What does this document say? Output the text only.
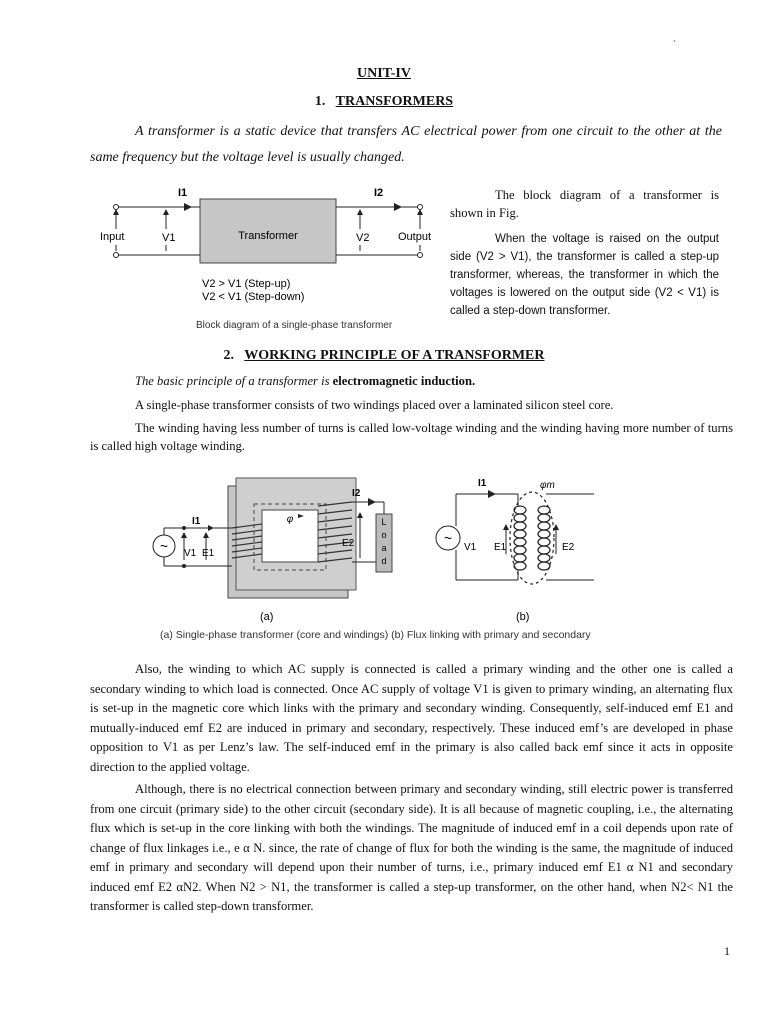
`
UNIT-IV
1. TRANSFORMERS

A transformer is a static device that transfers AC electrical power from one circuit to the other at the same frequency but the voltage level is usually changed.

Transformer
I1
Input	V1
I2
V2	Output
V2 > V1 (Step-up)
V2 < V1 (Step-down)
Block diagram of a single-phase transformer

The block diagram of a transformer is shown in Fig.

When the voltage is raised on the output side (V2 > V1), the transformer is called a step-up transformer, whereas, the transformer in which the voltages is lowered on the output side (V2 < V1) is called a step-down transformer.

2. WORKING PRINCIPLE OF A TRANSFORMER

The basic principle of a transformer is electromagnetic induction.

A single-phase transformer consists of two windings placed over a laminated silicon steel core.

The winding having less number of turns is called low-voltage winding and the winding having more number of turns is called high voltage winding.

φ
~ V1 E1
I1
I2
L
o
a
d
E2
(a)
~
V1
I1
E1
φm
E2
(b)
(a) Single-phase transformer (core and windings) (b) Flux linking with primary and secondary

Also, the winding to which AC supply is connected is called a primary winding and the other one is called a secondary winding to which load is connected. Once AC supply of voltage V1 is given to primary winding, an alternating flux is set-up in the magnetic core which links with the primary and secondary winding. Consequently, self-induced emf E1 and mutually-induced emf E2 are induced in primary and secondary, respectively. These induced emf’s are developed in phase opposition to V1 as per Lenz’s law. The self-induced emf in the primary is also called back emf since it acts in opposite direction to the applied voltage.

Although, there is no electrical connection between primary and secondary winding, still electric power is transferred from one circuit (primary side) to the other circuit (secondary side). It is all because of magnetic coupling, i.e., the alternating flux which is set-up in the core linking with both the windings. The magnitude of induced emf in a coil depends upon rate of change of flux linkages i.e., e α N. since, the rate of change of flux for both the winding is the same, the magnitude of induced emf in primary and secondary will depend upon their number of turns, i.e., primary induced emf E1 α N1 and secondary induced emf E2 αN2. When N2 > N1, the transformer is called a step-up transformer, on the other hand, when N2< N1 the transformer is called step-down transformer.

1
